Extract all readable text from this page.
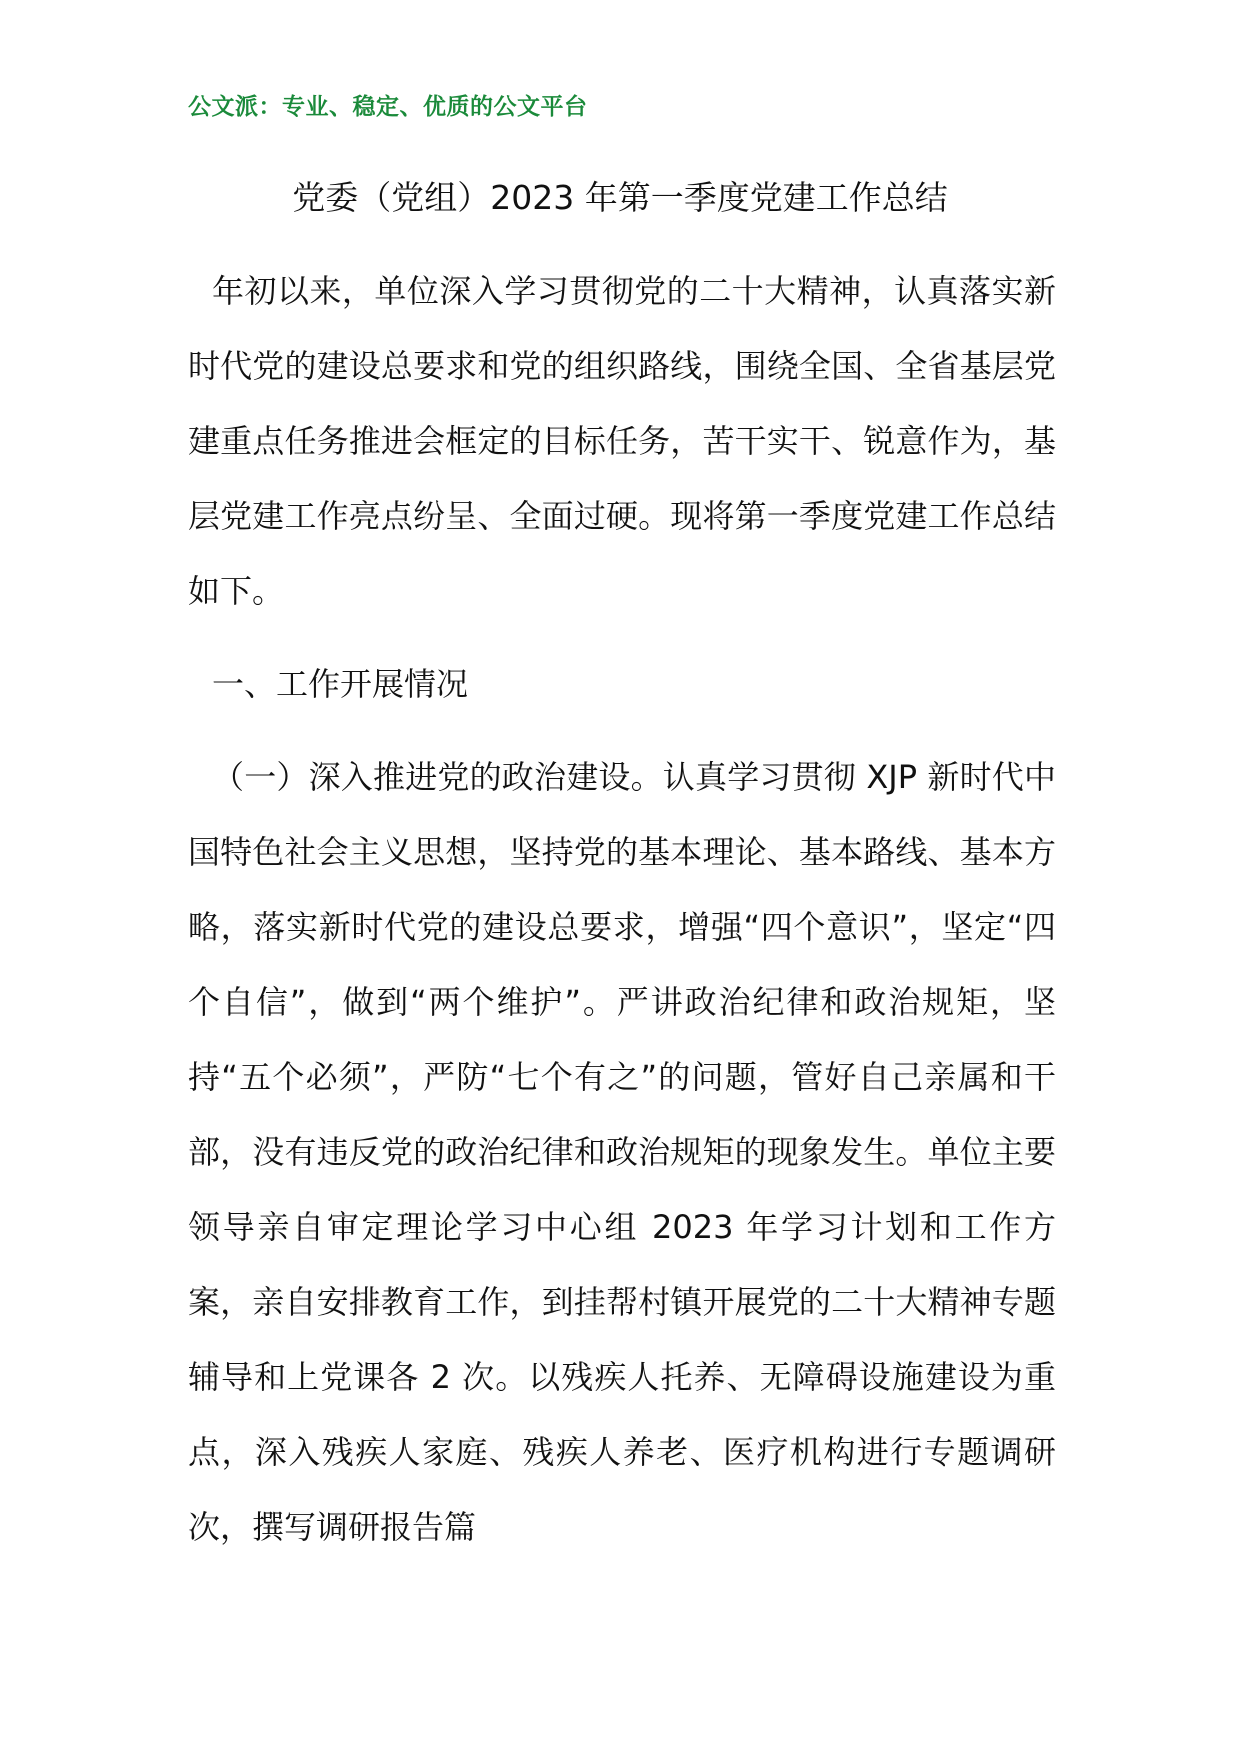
公文派：专业、稳定、优质的公文平台
党委（党组）2023 年第一季度党建工作总结
年初以来，单位深入学习贯彻党的二十大精神，认真落实新时代党的建设总要求和党的组织路线，围绕全国、全省基层党建重点任务推进会框定的目标任务，苦干实干、锐意作为，基层党建工作亮点纷呈、全面过硬。现将第一季度党建工作总结如下。
一、工作开展情况
（一）深入推进党的政治建设。认真学习贯彻 XJP 新时代中国特色社会主义思想，坚持党的基本理论、基本路线、基本方略，落实新时代党的建设总要求，增强“四个意识”，坚定“四个自信”，做到“两个维护”。严讲政治纪律和政治规矩，坚持“五个必须”，严防“七个有之”的问题，管好自己亲属和干部，没有违反党的政治纪律和政治规矩的现象发生。单位主要领导亲自审定理论学习中心组 2023 年学习计划和工作方案，亲自安排教育工作，到挂帮村镇开展党的二十大精神专题辅导和上党课各 2 次。以残疾人托养、无障碍设施建设为重点，深入残疾人家庭、残疾人养老、医疗机构进行专题调研次，撰写调研报告篇
